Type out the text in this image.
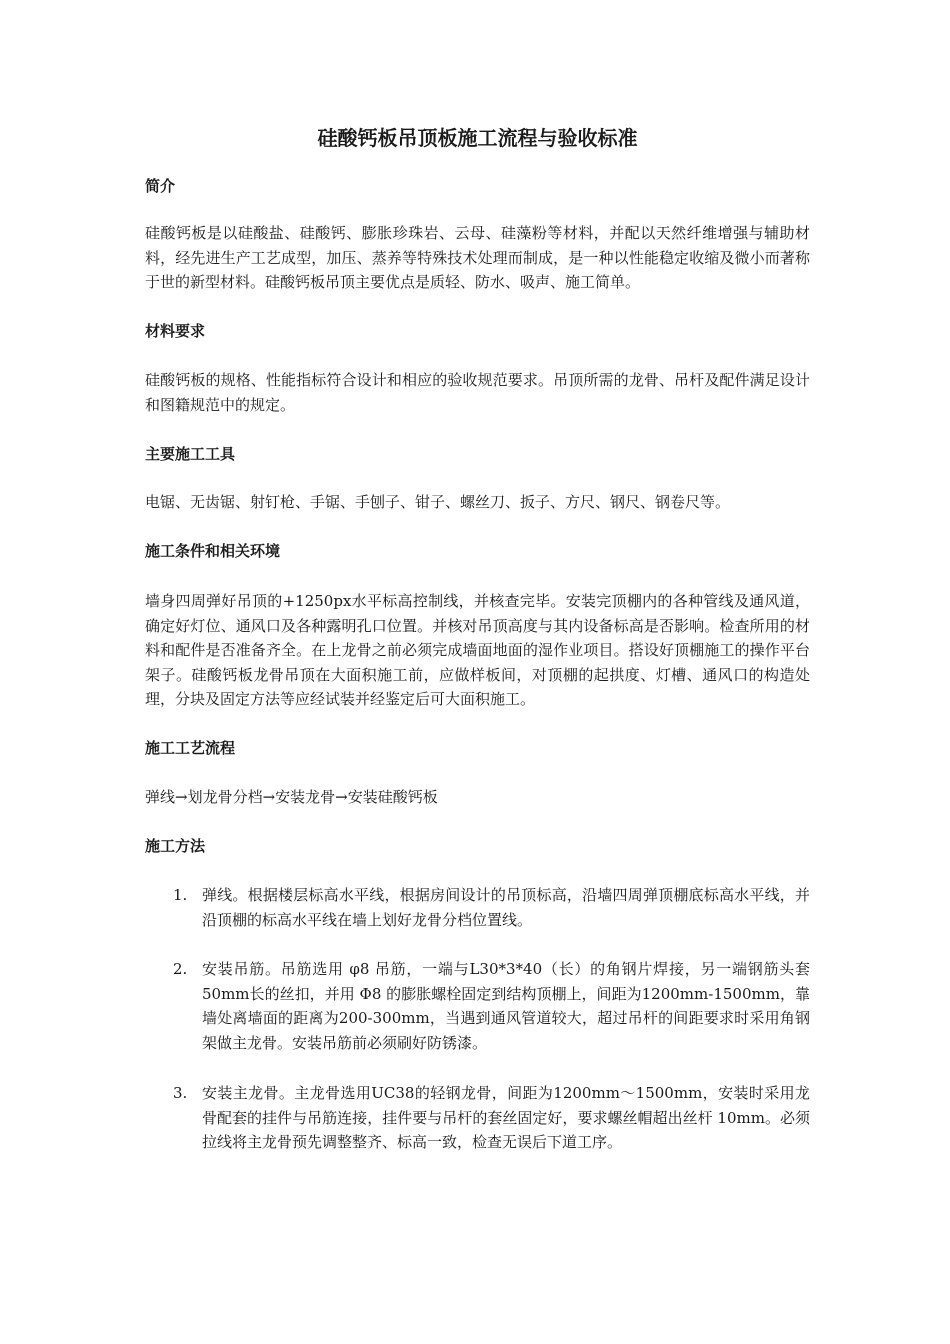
硅酸钙板吊顶板施工流程与验收标准
简介

硅酸钙板是以硅酸盐、硅酸钙、膨胀珍珠岩、云母、硅藻粉等材料，并配以天然纤维增强与辅助材料，经先进生产工艺成型，加压、蒸养等特殊技术处理而制成，是一种以性能稳定收缩及微小而著称于世的新型材料。硅酸钙板吊顶主要优点是质轻、防水、吸声、施工简单。

材料要求

硅酸钙板的规格、性能指标符合设计和相应的验收规范要求。吊顶所需的龙骨、吊杆及配件满足设计和图籍规范中的规定。

主要施工工具

电锯、无齿锯、射钉枪、手锯、手刨子、钳子、螺丝刀、扳子、方尺、钢尺、钢卷尺等。

施工条件和相关环境

墙身四周弹好吊顶的+1250px水平标高控制线，并核查完毕。安装完顶棚内的各种管线及通风道，确定好灯位、通风口及各种露明孔口位置。并核对吊顶高度与其内设备标高是否影响。检查所用的材料和配件是否准备齐全。在上龙骨之前必须完成墙面地面的湿作业项目。搭设好顶棚施工的操作平台架子。硅酸钙板龙骨吊顶在大面积施工前，应做样板间，对顶棚的起拱度、灯槽、通风口的构造处理，分块及固定方法等应经试装并经鉴定后可大面积施工。

施工工艺流程

弹线→划龙骨分档→安装龙骨→安装硅酸钙板

施工方法
1. 弹线。根据楼层标高水平线，根据房间设计的吊顶标高，沿墙四周弹顶棚底标高水平线，并沿顶棚的标高水平线在墙上划好龙骨分档位置线。

2. 安装吊筋。吊筋选用 φ8 吊筋，一端与L30*3*40（长）的角钢片焊接，另一端钢筋头套50mm长的丝扣，并用 Φ8 的膨胀螺栓固定到结构顶棚上，间距为1200mm-1500mm，靠墙处离墙面的距离为200-300mm，当遇到通风管道较大，超过吊杆的间距要求时采用角钢架做主龙骨。安装吊筋前必须刷好防锈漆。

3. 安装主龙骨。主龙骨选用UC38的轻钢龙骨，间距为1200mm～1500mm，安装时采用龙骨配套的挂件与吊筋连接，挂件要与吊杆的套丝固定好，要求螺丝帽超出丝杆 10mm。必须拉线将主龙骨预先调整整齐、标高一致，检查无误后下道工序。
